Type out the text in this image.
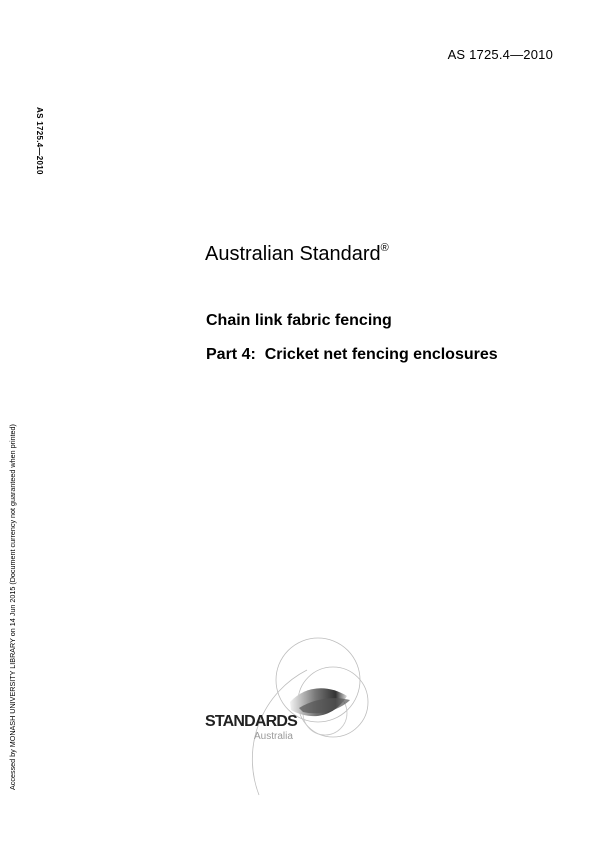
AS 1725.4—2010
AS 1725.4—2010
Accessed by MONASH UNIVERSITY LIBRARY on 14 Jun 2015 (Document currency not guaranteed when printed)
Australian Standard®
Chain link fabric fencing
Part 4:  Cricket net fencing enclosures
STANDARDS
Australia
